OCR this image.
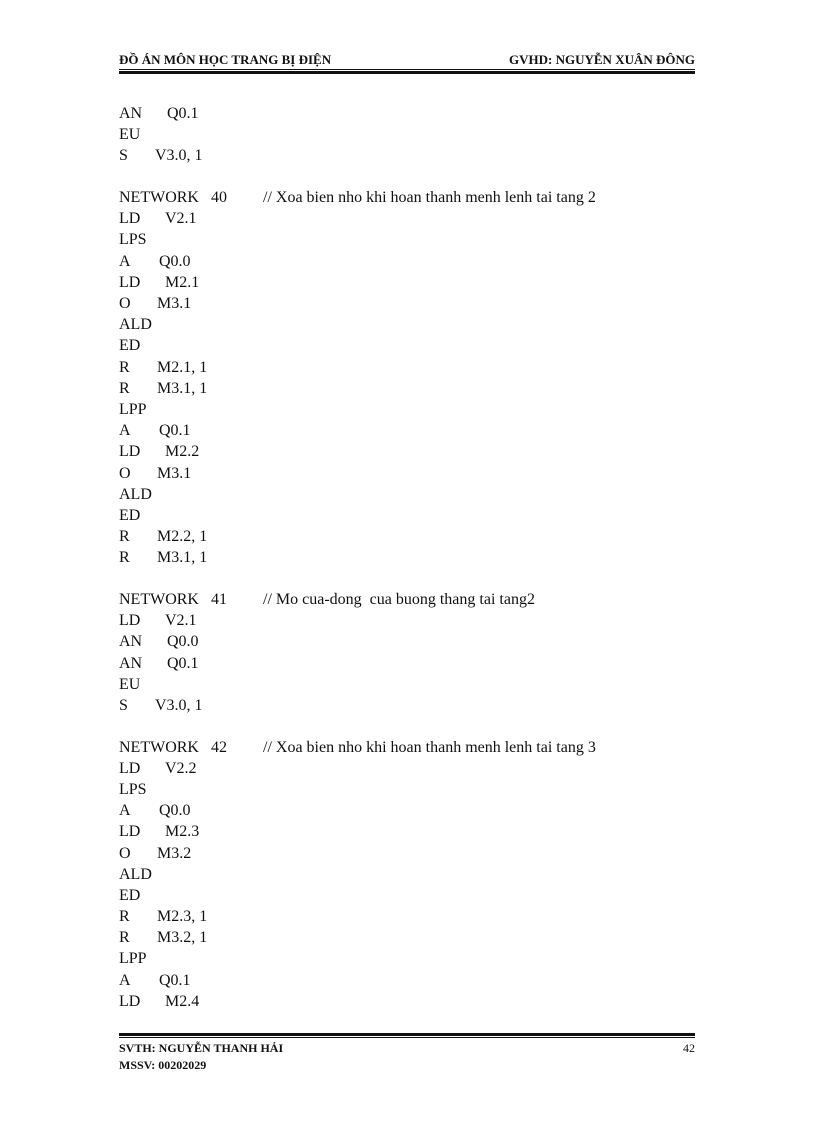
ĐỒ ÁN MÔN HỌC TRANG BỊ ĐIỆN	GVHD: NGUYỄN XUÂN ĐÔNG
AN Q0.1
EU
S V3.0, 1
NETWORK 40 // Xoa bien nho khi hoan thanh menh lenh tai tang 2
LD V2.1
LPS
A Q0.0
LD M2.1
O M3.1
ALD
ED
R M2.1, 1
R M3.1, 1
LPP
A Q0.1
LD M2.2
O M3.1
ALD
ED
R M2.2, 1
R M3.1, 1
NETWORK 41 // Mo cua-dong  cua buong thang tai tang2
LD V2.1
AN Q0.0
AN Q0.1
EU
S V3.0, 1
NETWORK 42 // Xoa bien nho khi hoan thanh menh lenh tai tang 3
LD V2.2
LPS
A Q0.0
LD M2.3
O M3.2
ALD
ED
R M2.3, 1
R M3.2, 1
LPP
A Q0.1
LD M2.4
SVTH: NGUYỄN THANH HẢI
MSSV: 00202029
42
